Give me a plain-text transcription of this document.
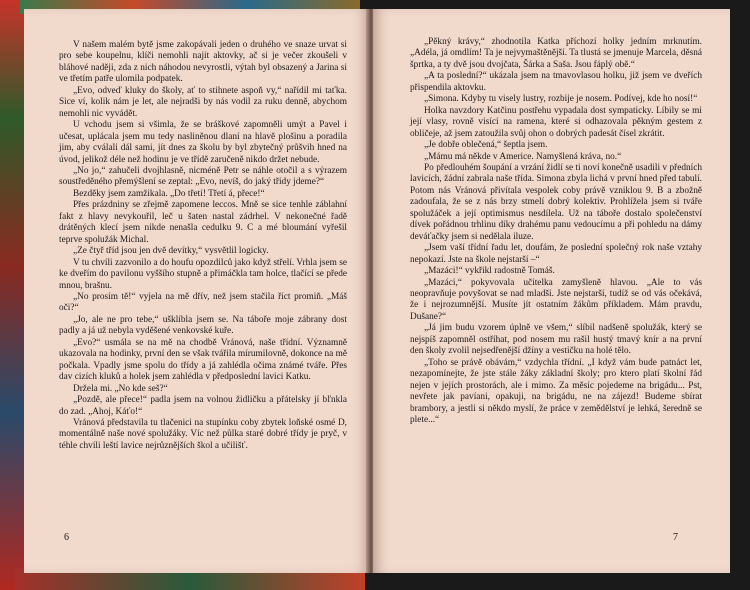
V našem malém bytě jsme zakopávali jeden o druhého ve snaze urvat si pro sebe koupelnu, klíči nemohli najít aktovky, ač si je večer zkoušeli v bláhové naději, zda z nich náhodou nevyrostli, výtah byl obsazený a Jarina si ve třetím patře ulomila podpatek.

„Evo, odveď kluky do školy, ať to stihnete aspoň vy,“ nařídil mi taťka. Sice ví, kolik nám je let, ale nejradši by nás vodil za ruku denně, abychom nemohli nic vyvádět.

U vchodu jsem si všimla, že se bráškové zapomněli umýt a Pavel i učesat, uplácala jsem mu tedy nasliněnou dlaní na hlavě plošinu a poradila jim, aby cválali dál sami, jít dnes za školu by byl zbytečný průšvih hned na úvod, jelikož déle než hodinu je ve třídě zaručeně nikdo držet nebude.

„No jo,“ zahučeli dvojhlasně, nicméně Petr se náhle otočil a s výrazem soustředěného přemýšlení se zeptal: „Evo, nevíš, do jaký třídy jdeme?“

Bezděky jsem zamžikala. „Do třetí! Třetí á, přece!“

Přes prázdniny se zřejmě zapomene leccos. Mně se sice tenhle záblahní fakt z hlavy nevykouřil, leč u šaten nastal zádrhel. V nekonečné řadě drátěných klecí jsem nikde nenašla cedulku 9. C a mé bloumání vyřešil teprve spolužák Michal.

„Ze čtyř tříd jsou jen dvě devítky,“ vysvětlil logicky.

V tu chvíli zazvonilo a do houfu opozdilců jako když střelí. Vrhla jsem se ke dveřím do pavilonu vyššího stupně a přimáčkla tam holce, tlačící se přede mnou, brašnu.

„No prosím tě!“ vyjela na mě dřív, než jsem stačila říct promiň. „Máš oči?“

„Jo, ale ne pro tebe,“ ušklíbla jsem se. Na táboře moje zábrany dost padly a já už nebyla vyděšené venkovské kuře.

„Evo?“ usmála se na mě na chodbě Vránová, naše třídní. Významně ukazovala na hodinky, první den se však tvářila mírumilovně, dokonce na mě počkala. Vpadly jsme spolu do třídy a já zahlédla očima známé tváře. Přes dav cizích kluků a holek jsem zahlédla v předposlední lavici Katku.

Držela mi. „No kde seš?“

„Pozdě, ale přece!“ padla jsem na volnou židličku a přátelsky jí bľnkla do zad. „Ahoj, Káťo!“

Vránová představila tu tlačenici na stupínku coby zbytek loňské osmé D, momentálně naše nové spolužáky. Víc než půlka staré dobré třídy je pryč, v téhle chvíli leští lavice nejrůznějších škol a učilišť.

6

„Pěkný krávy,“ zhodnotila Katka příchozí holky jedním mrknutím. „Adéla, já omdlím! Ta je nejvymaštěnější. Ta tlustá se jmenuje Marcela, děsná šprtka, a ty dvě jsou dvojčata, Šárka a Saša. Jsou fáplý obě.“

„A ta poslední?“ ukázala jsem na tmavovlasou holku, již jsem ve dveřích přispendila aktovku.

„Simona. Kdyby tu visely lustry, rozbije je nosem. Podívej, kde ho nosí!“

Holka navzdory Katčinu postřehu vypadala dost sympaticky. Líbily se mi její vlasy, rovně visící na ramena, které si odhazovala pěkným gestem z obličeje, až jsem zatoužila svůj ohon o dobrých padesát čísel zkrátit.

„Je dobře oblečená,“ šeptla jsem.

„Mámu má někde v Americe. Namyšlená kráva, no.“

Po předlouhém šoupání a vrzání židlí se ti noví konečně usadili v předních lavicích, žádní zabrala naše třída. Simona zbyla lichá v první hned před tabulí. Potom nás Vránová přivítala vespolek coby právě vzniklou 9. B a zbožně zadoufala, že se z nás brzy stmelí dobrý kolektiv. Prohlížela jsem si tváře spolužáček a její optimismus nesdílela. Už na táboře dostalo společenství dívek pořádnou trhlinu díky drahému panu vedoucímu a při pohledu na dámy deváťačky jsem si nedělala iluze.

„Jsem vaší třídní řadu let, doufám, že poslední společný rok naše vztahy nepokazí. Jste na škole nejstarší –“

„Mazáci!“ vykřikl radostně Tomáš.

„Mazáci,“ pokyvovala učitelka zamyšleně hlavou. „Ale to vás neopravňuje povyšovat se nad mladší. Jste nejstarší, tudíž se od vás očekává, že i nejrozumnější. Musíte jít ostatním žákům příkladem. Mám pravdu, Dušane?“

„Já jim budu vzorem úplně ve všem,“ slíbil nadšeně spolužák, který se nejspíš zapomněl ostříhat, pod nosem mu rašil hustý tmavý knír a na první den školy zvolil nejsedřenější džíny a vestičku na holé tělo.

„Toho se právě obávám,“ vzdychla třídní. „I když vám bude patnáct let, nezapomínejte, že jste stále žáky základní školy; pro ktero platí školní řád nejen v jejích prostorách, ale i mimo. Za měsíc pojedeme na brigádu... Pst, nevřete jak pavíani, opakuji, na brigádu, ne na zájezd! Budeme sbírat brambory, a jestli si někdo myslí, že práce v zemědělství je lehká, šeredně se plete...“

7
